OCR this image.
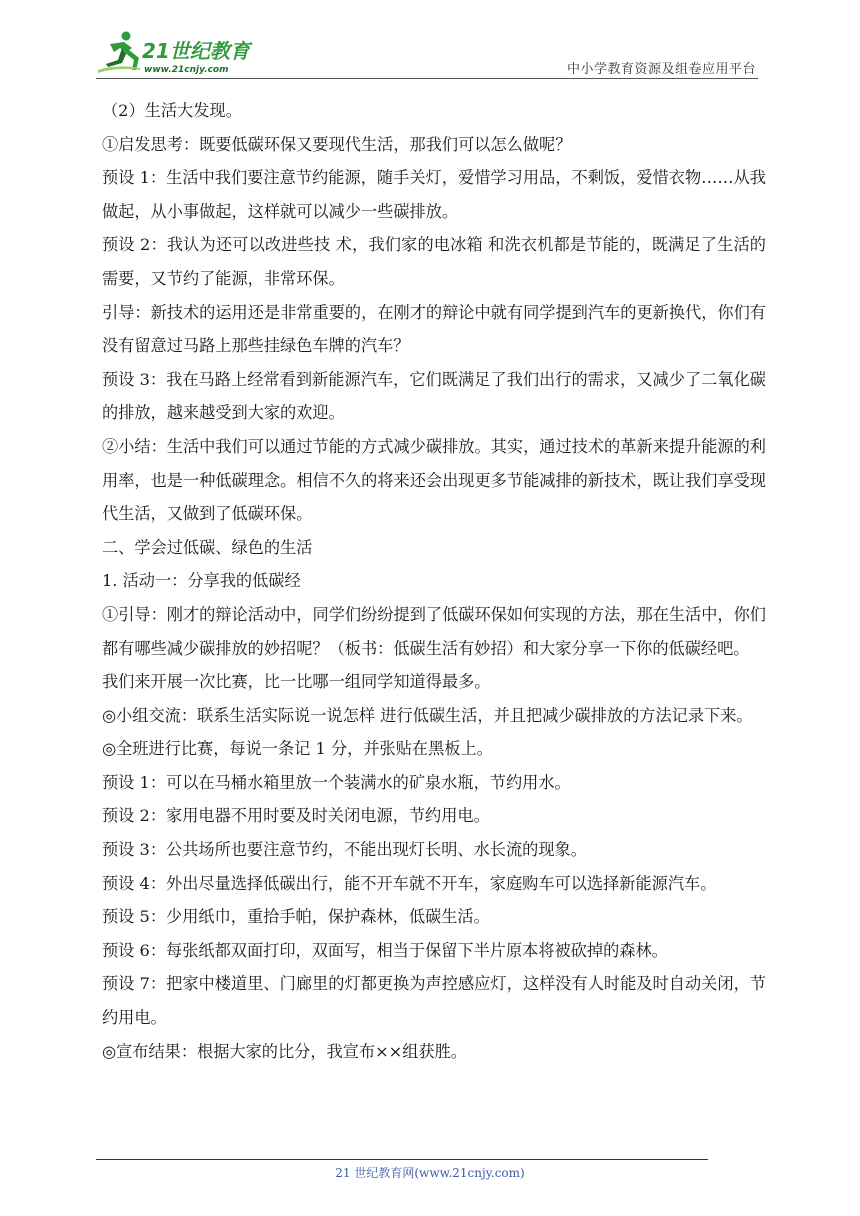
21世纪教育
www.21cnjy.com	中小学教育资源及组卷应用平台

（2）生活大发现。

①启发思考：既要低碳环保又要现代生活，那我们可以怎么做呢？

预设 1：生活中我们要注意节约能源，随手关灯，爱惜学习用品，不剩饭，爱惜衣物……从我做起，从小事做起，这样就可以减少一些碳排放。

预设 2：我认为还可以改进些技 术，我们家的电冰箱 和洗衣机都是节能的，既满足了生活的需要，又节约了能源，非常环保。

引导：新技术的运用还是非常重要的，在刚才的辩论中就有同学提到汽车的更新换代，你们有没有留意过马路上那些挂绿色车牌的汽车？

预设 3：我在马路上经常看到新能源汽车，它们既满足了我们出行的需求，又减少了二氧化碳的排放，越来越受到大家的欢迎。

②小结：生活中我们可以通过节能的方式减少碳排放。其实，通过技术的革新来提升能源的利用率，也是一种低碳理念。相信不久的将来还会出现更多节能减排的新技术，既让我们享受现代生活，又做到了低碳环保。

二、学会过低碳、绿色的生活

1. 活动一：分享我的低碳经

①引导：刚才的辩论活动中，同学们纷纷提到了低碳环保如何实现的方法，那在生活中，你们都有哪些减少碳排放的妙招呢？（板书：低碳生活有妙招）和大家分享一下你的低碳经吧。

我们来开展一次比赛，比一比哪一组同学知道得最多。

◎小组交流：联系生活实际说一说怎样 进行低碳生活，并且把减少碳排放的方法记录下来。

◎全班进行比赛，每说一条记 1 分，并张贴在黑板上。

预设 1：可以在马桶水箱里放一个装满水的矿泉水瓶，节约用水。

预设 2：家用电器不用时要及时关闭电源，节约用电。

预设 3：公共场所也要注意节约，不能出现灯长明、水长流的现象。

预设 4：外出尽量选择低碳出行，能不开车就不开车，家庭购车可以选择新能源汽车。

预设 5：少用纸巾，重拾手帕，保护森林，低碳生活。

预设 6：每张纸都双面打印，双面写，相当于保留下半片原本将被砍掉的森林。

预设 7：把家中楼道里、门廊里的灯都更换为声控感应灯，这样没有人时能及时自动关闭，节约用电。

◎宣布结果：根据大家的比分，我宣布××组获胜。

21 世纪教育网(www.21cnjy.com)
